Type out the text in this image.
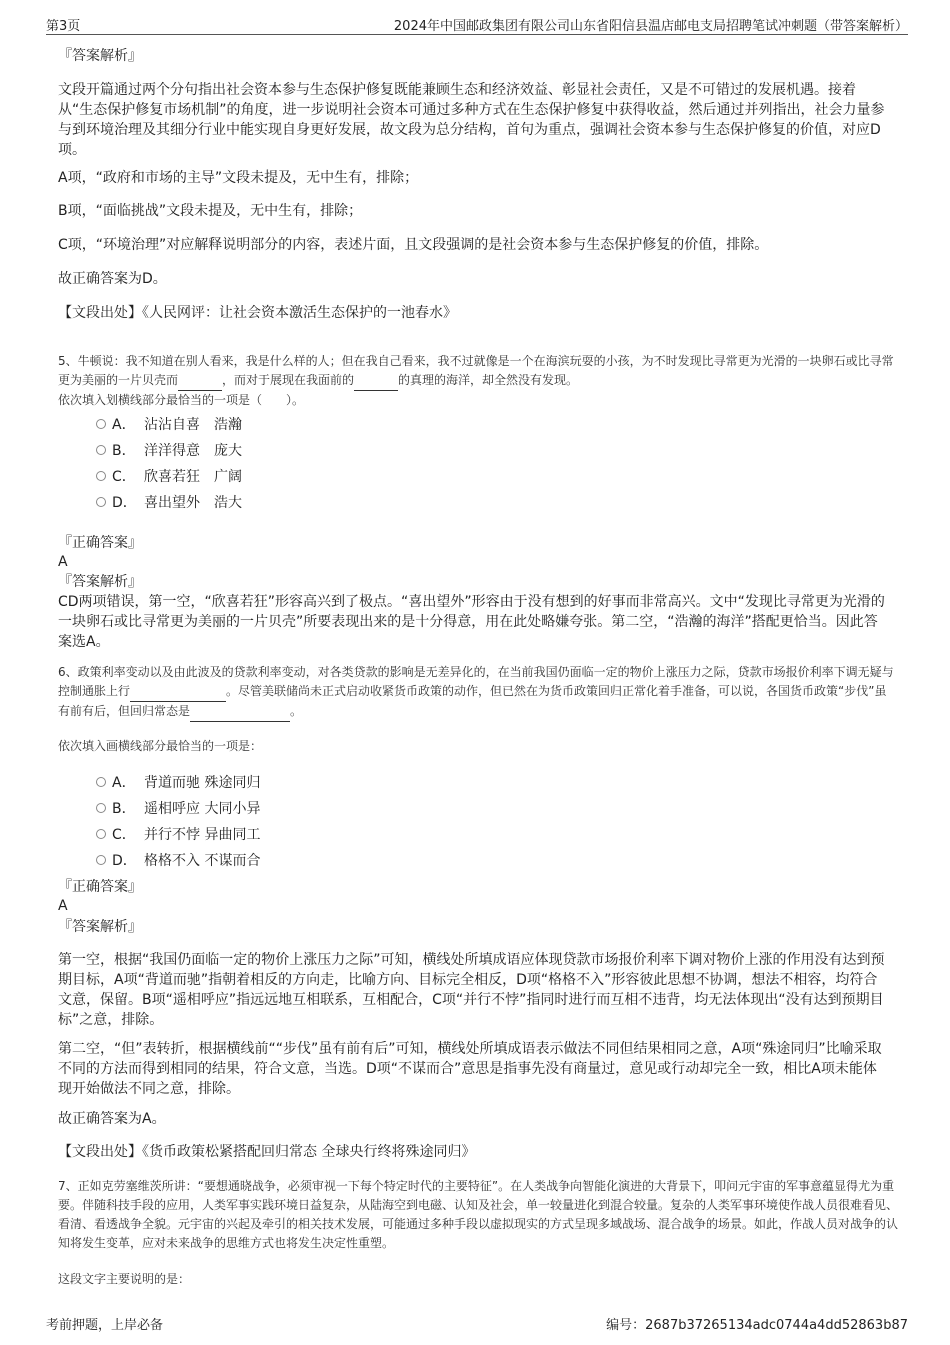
第3页	2024年中国邮政集团有限公司山东省阳信县温店邮电支局招聘笔试冲刺题（带答案解析）
『答案解析』

文段开篇通过两个分句指出社会资本参与生态保护修复既能兼顾生态和经济效益、彰显社会责任，又是不可错过的发展机遇。接着从“生态保护修复市场机制”的角度，进一步说明社会资本可通过多种方式在生态保护修复中获得收益，然后通过并列指出，社会力量参与到环境治理及其细分行业中能实现自身更好发展，故文段为总分结构，首句为重点，强调社会资本参与生态保护修复的价值，对应D项。

A项，“政府和市场的主导”文段未提及，无中生有，排除；

B项，“面临挑战”文段未提及，无中生有，排除；

C项，“环境治理”对应解释说明部分的内容，表述片面，且文段强调的是社会资本参与生态保护修复的价值，排除。

故正确答案为D。

【文段出处】《人民网评：让社会资本激活生态保护的一池春水》

5、牛顿说：我不知道在别人看来，我是什么样的人；但在我自己看来，我不过就像是一个在海滨玩耍的小孩，为不时发现比寻常更为光滑的一块卵石或比寻常更为美丽的一片贝壳而	，而对于展现在我面前的	的真理的海洋，却全然没有发现。

依次填入划横线部分最恰当的一项是（　　）。

A． 沾沾自喜　浩瀚
B． 洋洋得意　庞大
C． 欣喜若狂　广阔
D． 喜出望外　浩大
『正确答案』
A
『答案解析』

CD两项错误，第一空，“欣喜若狂”形容高兴到了极点。“喜出望外”形容由于没有想到的好事而非常高兴。文中“发现比寻常更为光滑的一块卵石或比寻常更为美丽的一片贝壳”所要表现出来的是十分得意，用在此处略嫌夸张。第二空，“浩瀚的海洋”搭配更恰当。因此答案选A。

6、政策利率变动以及由此波及的贷款利率变动，对各类贷款的影响是无差异化的，在当前我国仍面临一定的物价上涨压力之际，贷款市场报价利率下调无疑与控制通胀上行	。尽管美联储尚未正式启动收紧货币政策的动作，但已然在为货币政策回归正常化着手准备，可以说，各国货币政策“步伐”虽有前有后，但回归常态是	。

依次填入画横线部分最恰当的一项是：

A． 背道而驰 殊途同归
B． 遥相呼应 大同小异
C． 并行不悖 异曲同工
D． 格格不入 不谋而合
『正确答案』
A
『答案解析』

第一空，根据“我国仍面临一定的物价上涨压力之际”可知，横线处所填成语应体现贷款市场报价利率下调对物价上涨的作用没有达到预期目标，A项“背道而驰”指朝着相反的方向走，比喻方向、目标完全相反，D项“格格不入”形容彼此思想不协调，想法不相容，均符合文意，保留。B项“遥相呼应”指远远地互相联系，互相配合，C项“并行不悖”指同时进行而互相不违背，均无法体现出“没有达到预期目标”之意，排除。

第二空，“但”表转折，根据横线前““步伐”虽有前有后”可知，横线处所填成语表示做法不同但结果相同之意，A项“殊途同归”比喻采取不同的方法而得到相同的结果，符合文意，当选。D项“不谋而合”意思是指事先没有商量过，意见或行动却完全一致，相比A项未能体现开始做法不同之意，排除。

故正确答案为A。

【文段出处】《货币政策松紧搭配回归常态 全球央行终将殊途同归》

7、正如克劳塞维茨所讲：“要想通晓战争，必须审视一下每个特定时代的主要特征”。在人类战争向智能化演进的大背景下，叩问元宇宙的军事意蕴显得尤为重要。伴随科技手段的应用，人类军事实践环境日益复杂，从陆海空到电磁、认知及社会，单一较量进化到混合较量。复杂的人类军事环境使作战人员很难看见、看清、看透战争全貌。元宇宙的兴起及牵引的相关技术发展，可能通过多种手段以虚拟现实的方式呈现多域战场、混合战争的场景。如此，作战人员对战争的认知将发生变革，应对未来战争的思维方式也将发生决定性重塑。

这段文字主要说明的是：

考前押题，上岸必备	编号：2687b37265134adc0744a4dd52863b87
